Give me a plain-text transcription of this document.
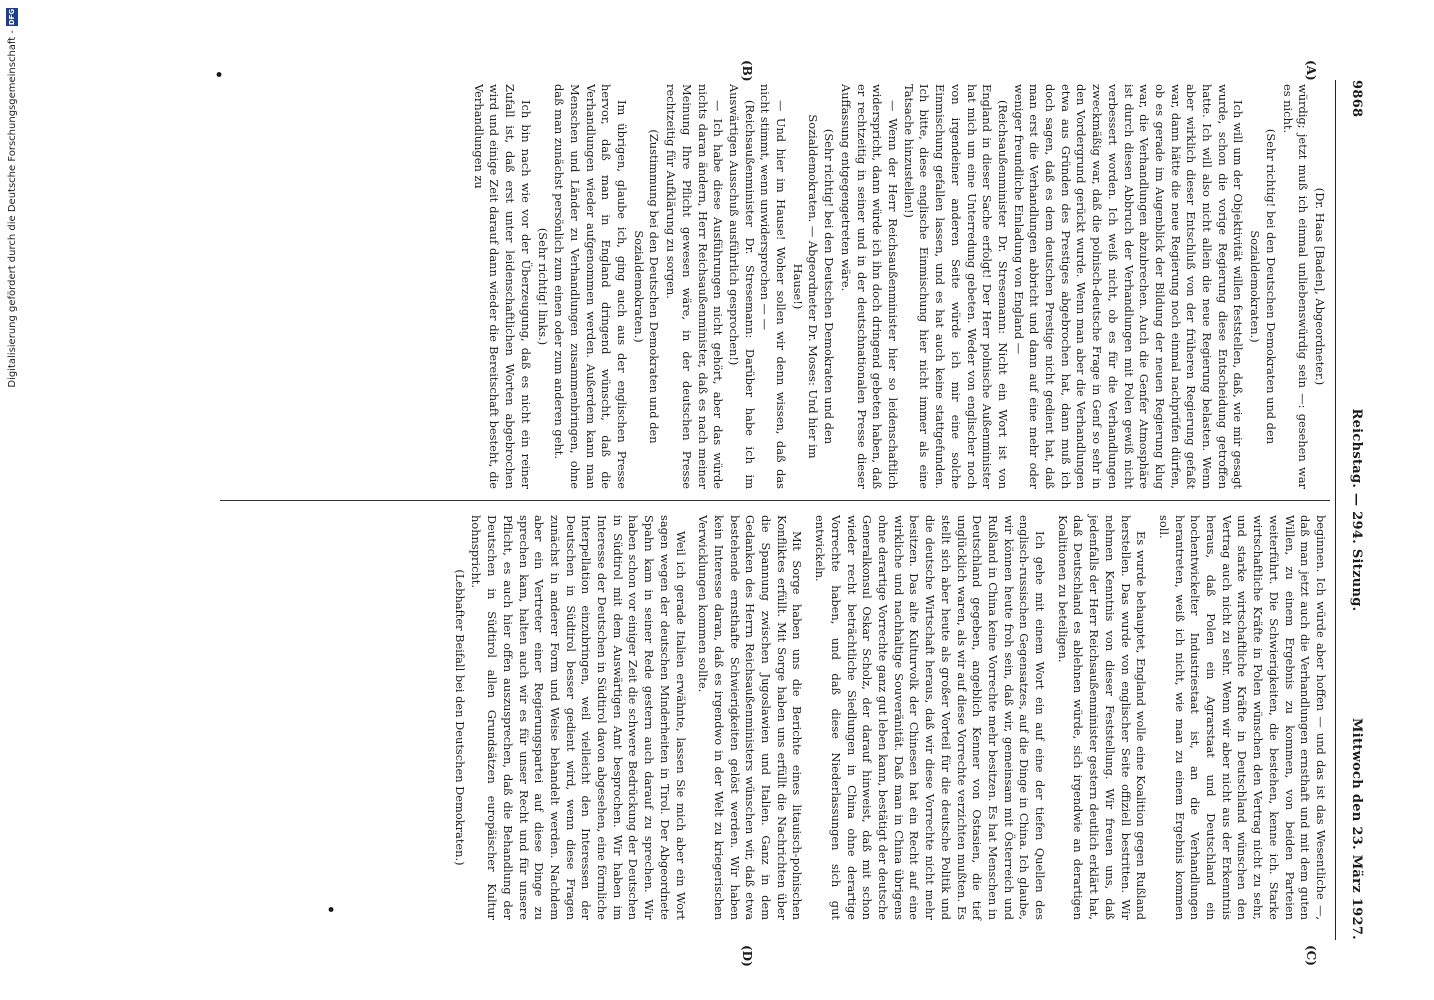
9868
Reichstag. — 294. Sitzung.
Mittwoch den 23. März 1927.
(A)
(B)
(C)
(D)
•
•

(Dr. Haas [Baden], Abgeordneter.)

würdig; jetzt muß ich einmal unliebenswürdig sein —: gesehen war es nicht.

(Sehr richtig! bei den Deutschen Demokraten und den Sozialdemokraten.)

Ich will um der Objektivität willen feststellen, daß, wie mir gesagt wurde, schon die vorige Regierung diese Entscheidung getroffen hatte. Ich will also nicht allein die neue Regierung belasten. Wenn aber wirklich dieser Entschluß von der früheren Regierung gefaßt war, dann hätte die neue Regierung noch einmal nachprüfen dürfen, ob es gerade im Augenblick der Bildung der neuen Regierung klug war, die Verhandlungen abzubrechen. Auch die Genfer Atmosphäre ist durch diesen Abbruch der Verhandlungen mit Polen gewiß nicht verbessert worden. Ich weiß nicht, ob es für die Verhandlungen zweckmäßig war, daß die polnisch-deutsche Frage in Genf so sehr in den Vordergrund gerückt wurde. Wenn man aber die Verhandlungen etwa aus Gründen des Prestiges abgebrochen hat, dann muß ich doch sagen, daß es dem deutschen Prestige nicht gedient hat, daß man erst die Verhandlungen abbricht und dann auf eine mehr oder weniger freundliche Einladung von England —

(Reichsaußenminister Dr. Stresemann: Nicht ein Wort ist von England in dieser Sache erfolgt! Der Herr polnische Außenminister hat mich um eine Unterredung gebeten. Weder von englischer noch von irgendeiner anderen Seite würde ich mir eine solche Einmischung gefallen lassen, und es hat auch keine stattgefunden. Ich bitte, diese englische Einmischung hier nicht immer als eine Tatsache hinzustellen!)

— Wenn der Herr Reichsaußenminister hier so leidenschaftlich widerspricht, dann würde ich ihn doch dringend gebeten haben, daß er rechtzeitig in seiner und in der deutschnationalen Presse dieser Auffassung entgegengetreten wäre.

(Sehr richtig! bei den Deutschen Demokraten und den Sozialdemokraten. — Abgeordneter Dr. Moses: Und hier im Hause!)

— Und hier im Hause! Woher sollen wir denn wissen, daß das nicht stimmt, wenn unwidersprochen — —

(Reichsaußenminister Dr. Stresemann: Darüber habe ich im Auswärtigen Ausschuß ausführlich gesprochen!)

— Ich habe diese Ausführungen nicht gehört, aber das würde nichts daran ändern, Herr Reichsaußenminister, daß es nach meiner Meinung Ihre Pflicht gewesen wäre, in der deutschen Presse rechtzeitig für Aufklärung zu sorgen.

(Zustimmung bei den Deutschen Demokraten und den Sozialdemokraten.)

Im übrigen, glaube ich, ging auch aus der englischen Presse hervor, daß man in England dringend wünscht, daß die Verhandlungen wieder aufgenommen werden. Außerdem kann man Menschen und Länder zu Verhandlungen zusammenbringen, ohne daß man zunächst persönlich zum einen oder zum anderen geht.

(Sehr richtig! links.)

Ich bin nach wie vor der Überzeugung, daß es nicht ein reiner Zufall ist, daß erst unter leidenschaftlichen Worten abgebrochen wird und einige Zeit darauf dann wieder die Bereitschaft besteht, die Verhandlungen zu

beginnen. Ich würde aber hoffen — und das ist das Wesentliche —, daß man jetzt auch die Verhandlungen ernsthaft und mit dem guten Willen, zu einem Ergebnis zu kommen, von beiden Parteien weiterführt. Die Schwierigkeiten, die bestehen, kenne ich. Starke wirtschaftliche Kräfte in Polen wünschen den Vertrag nicht zu sehr, und starke wirtschaftliche Kräfte in Deutschland wünschen den Vertrag auch nicht zu sehr. Wenn wir aber nicht aus der Erkenntnis heraus, daß Polen ein Agrarstaat und Deutschland ein hochentwickelter Industriestaat ist, an die Verhandlungen herantreten, weiß ich nicht, wie man zu einem Ergebnis kommen soll.

Es wurde behauptet, England wolle eine Koalition gegen Rußland herstellen. Das wurde von englischer Seite offiziell bestritten. Wir nehmen Kenntnis von dieser Feststellung. Wir freuen uns, daß jedenfalls der Herr Reichsaußenminister gestern deutlich erklärt hat, daß Deutschland es ablehnen würde, sich irgendwie an derartigen Koalitionen zu beteiligen.

Ich gehe mit einem Wort ein auf eine der tiefen Quellen des englisch-russischen Gegensatzes, auf die Dinge in China. Ich glaube, wir können heute froh sein, daß wir, gemeinsam mit Österreich und Rußland in China keine Vorrechte mehr besitzen. Es hat Menschen in Deutschland gegeben, angeblich Kenner von Ostasien, die tief unglücklich waren, als wir auf diese Vorrechte verzichten mußten. Es stellt sich aber heute als großer Vorteil für die deutsche Politik und die deutsche Wirtschaft heraus, daß wir diese Vorrechte nicht mehr besitzen. Das alte Kulturvolk der Chinesen hat ein Recht auf eine wirkliche und nachhaltige Souveränität. Daß man in China übrigens ohne derartige Vorrechte ganz gut leben kann, bestätigt der deutsche Generalkonsul Oskar Scholz, der darauf hinweist, daß mit schon wieder recht beträchtliche Siedlungen in China ohne derartige Vorrechte haben, und daß diese Niederlassungen sich gut entwickeln.

Mit Sorge haben uns die Berichte eines litauisch-polnischen Konfliktes erfüllt. Mit Sorge haben uns erfüllt die Nachrichten über die Spannung zwischen Jugoslawien und Italien. Ganz in dem Gedanken des Herrn Reichsaußenministers wünschen wir, daß etwa bestehende ernsthafte Schwierigkeiten gelöst werden. Wir haben kein Interesse daran, daß es irgendwo in der Welt zu kriegerischen Verwicklungen kommen sollte.

Weil ich gerade Italien erwähnte, lassen Sie mich aber ein Wort sagen wegen der deutschen Minderheiten in Tirol. Der Abgeordnete Spahn kam in seiner Rede gestern auch darauf zu sprechen. Wir haben schon vor einiger Zeit die schwere Bedrückung der Deutschen in Südtirol mit dem Auswärtigen Amt besprochen. Wir haben im Interesse der Deutschen in Südtirol davon abgesehen, eine förmliche Interpellation einzubringen, weil vielleicht den Interessen der Deutschen in Südtirol besser gedient wird, wenn diese Fragen zunächst in anderer Form und Weise behandelt werden. Nachdem aber ein Vertreter einer Regierungspartei auf diese Dinge zu sprechen kam, halten auch wir es für unser Recht und für unsere Pflicht, es auch hier offen auszusprechen, daß die Behandlung der Deutschen in Südtirol allen Grundsätzen europäischer Kultur hohnspricht.

(Lebhafter Beifall bei den Deutschen Demokraten.)

Digitalisierung gefördert durch die Deutsche Forschungsgemeinschaft -
DFG
